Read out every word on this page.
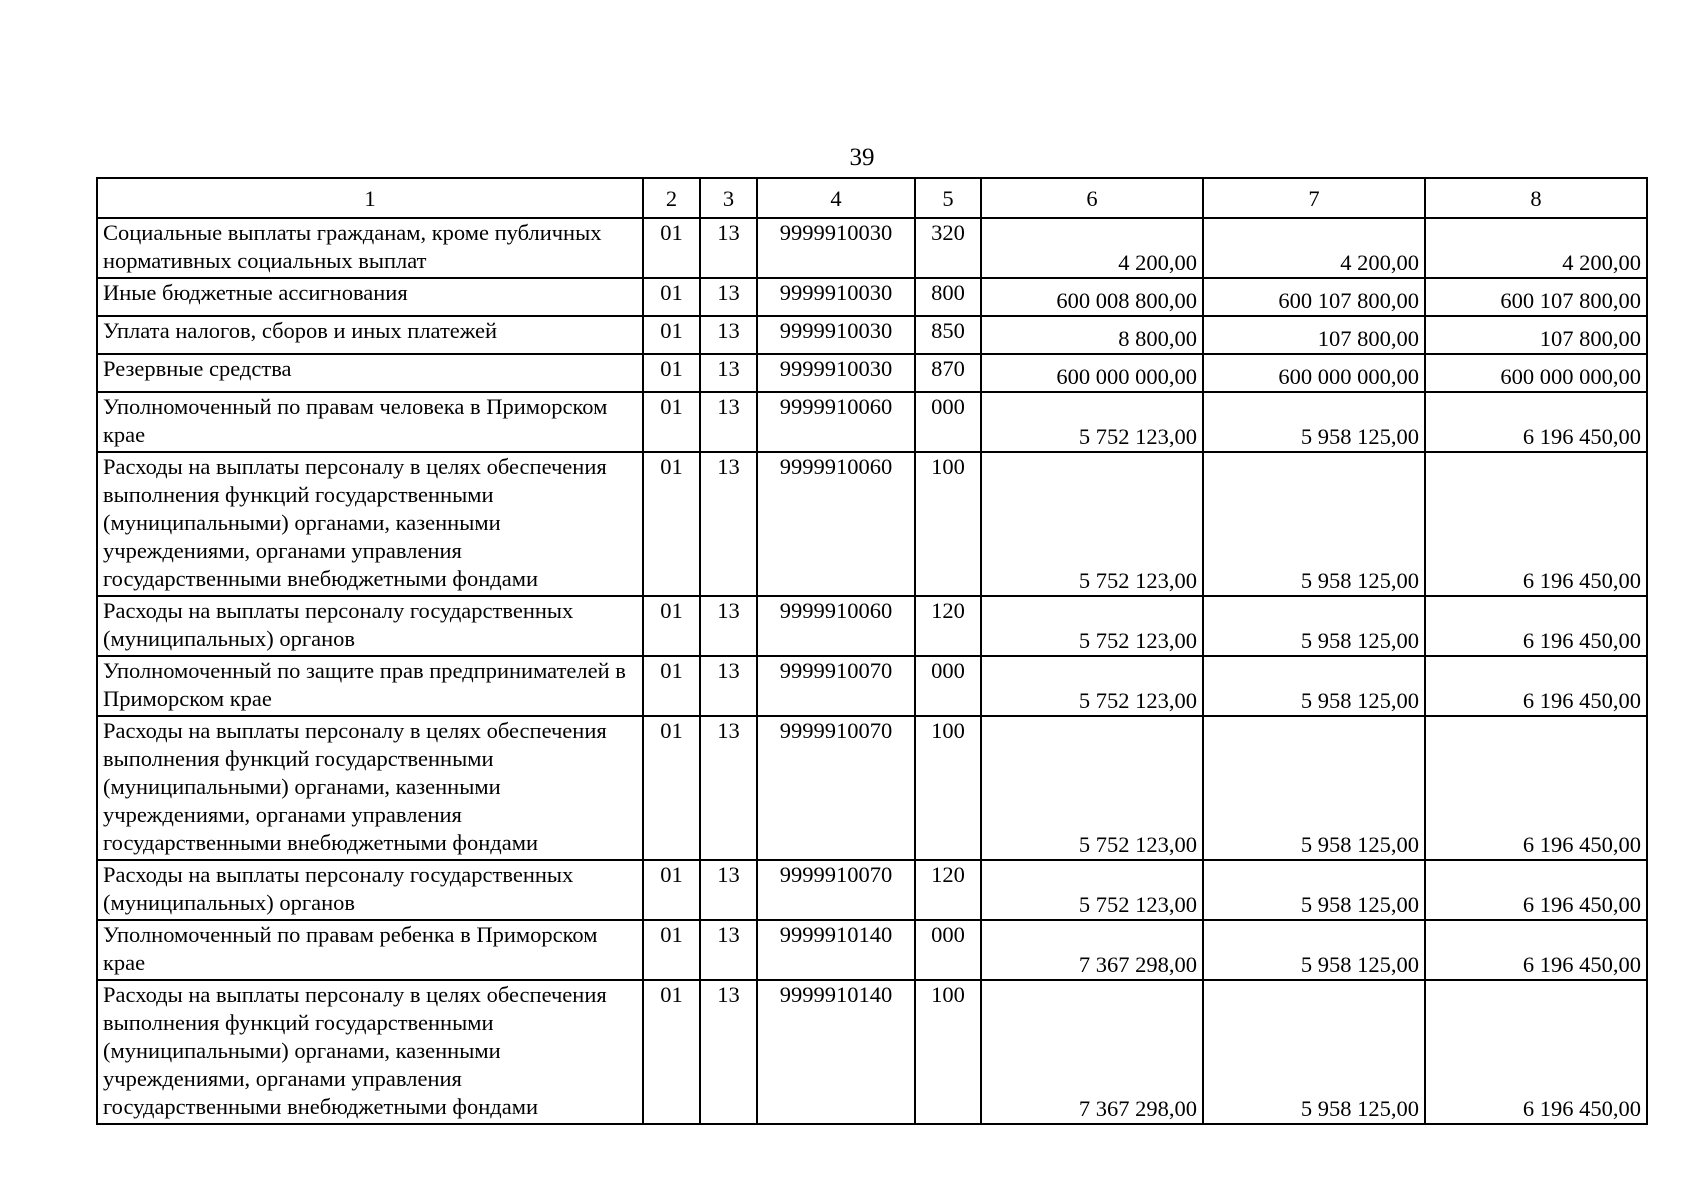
39
1	2	3	4	5	6	7	8
Социальные выплаты гражданам, кроме публичных нормативных социальных выплат	01	13	9999910030	320	4 200,00	4 200,00	4 200,00
Иные бюджетные ассигнования	01	13	9999910030	800	600 008 800,00	600 107 800,00	600 107 800,00
Уплата налогов, сборов и иных платежей	01	13	9999910030	850	8 800,00	107 800,00	107 800,00
Резервные средства	01	13	9999910030	870	600 000 000,00	600 000 000,00	600 000 000,00
Уполномоченный по правам человека в Приморском крае	01	13	9999910060	000	5 752 123,00	5 958 125,00	6 196 450,00
Расходы на выплаты персоналу в целях обеспечения выполнения функций государственными (муниципальными) органами, казенными учреждениями, органами управления государственными внебюджетными фондами	01	13	9999910060	100	5 752 123,00	5 958 125,00	6 196 450,00
Расходы на выплаты персоналу государственных (муниципальных) органов	01	13	9999910060	120	5 752 123,00	5 958 125,00	6 196 450,00
Уполномоченный по защите прав предпринимателей в Приморском крае	01	13	9999910070	000	5 752 123,00	5 958 125,00	6 196 450,00
Расходы на выплаты персоналу в целях обеспечения выполнения функций государственными (муниципальными) органами, казенными учреждениями, органами управления государственными внебюджетными фондами	01	13	9999910070	100	5 752 123,00	5 958 125,00	6 196 450,00
Расходы на выплаты персоналу государственных (муниципальных) органов	01	13	9999910070	120	5 752 123,00	5 958 125,00	6 196 450,00
Уполномоченный по правам ребенка в Приморском крае	01	13	9999910140	000	7 367 298,00	5 958 125,00	6 196 450,00
Расходы на выплаты персоналу в целях обеспечения выполнения функций государственными (муниципальными) органами, казенными учреждениями, органами управления государственными внебюджетными фондами	01	13	9999910140	100	7 367 298,00	5 958 125,00	6 196 450,00
